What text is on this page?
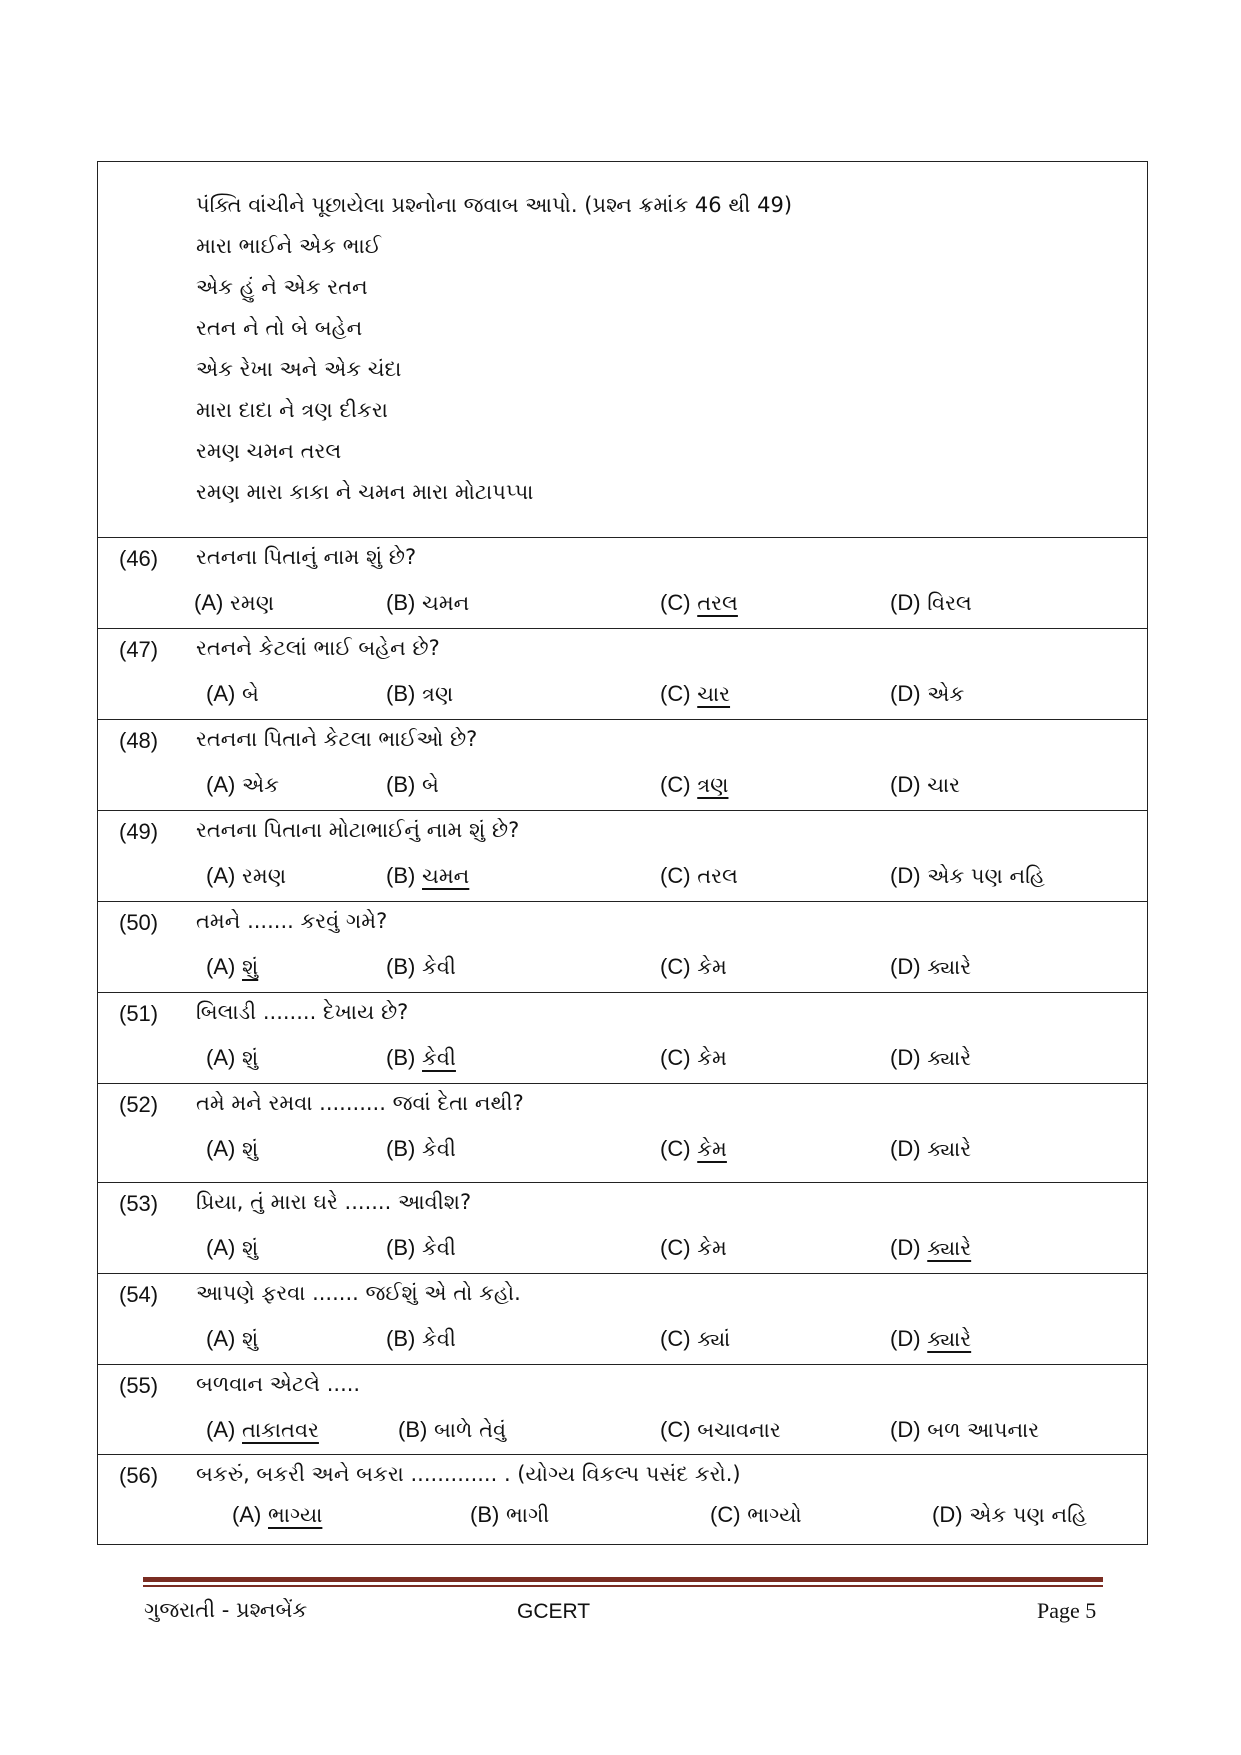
પંક્તિ વાંચીને પૂછાયેલા પ્રશ્નોના જવાબ આપો. (પ્રશ્ન ક્રમાંક 46 થી 49)
મારા ભાઈને એક ભાઈ
એક હું ને એક રતન
રતન ને તો બે બહેન
એક રેખા અને એક ચંદા
મારા દાદા ને ત્રણ દીકરા
રમણ ચમન તરલ
રમણ મારા કાકા ને ચમન મારા મોટાપપ્પા
(46) રતનના પિતાનું નામ શું છે?
(A) રમણ	(B) ચમન	(C) તરલ	(D) વિરલ
(47) રતનને કેટલાં ભાઈ બહેન છે?
(A) બે	(B) ત્રણ	(C) ચાર	(D) એક
(48) રતનના પિતાને કેટલા ભાઈઓ છે?
(A) એક	(B) બે	(C) ત્રણ	(D) ચાર
(49) રતનના પિતાના મોટાભાઈનું નામ શું છે?
(A) રમણ	(B) ચમન	(C) તરલ	(D) એક પણ નહિ
(50) તમને ....... કરવું ગમે?
(A) શું	(B) કેવી	(C) કેમ	(D) ક્યારે
(51) બિલાડી ........ દેખાય છે?
(A) શું	(B) કેવી	(C) કેમ	(D) ક્યારે
(52) તમે મને રમવા .......... જવાં દેતા નથી?
(A) શું	(B) કેવી	(C) કેમ	(D) ક્યારે
(53) પ્રિયા, તું મારા ઘરે ....... આવીશ?
(A) શું	(B) કેવી	(C) કેમ	(D) ક્યારે
(54) આપણે ફરવા ....... જઈશું એ તો કહો.
(A) શું	(B) કેવી	(C) ક્યાં	(D) ક્યારે
(55) બળવાન એટલે .....
(A) તાકાતવર	(B) બાળે તેવું	(C) બચાવનાર	(D) બળ આપનાર
(56) બકરું, બકરી અને બકરા ............. . (યોગ્ય વિકલ્પ પસંદ કરો.)
(A) ભાગ્યા	(B) ભાગી	(C) ભાગ્યો	(D) એક પણ નહિ
ગુજરાતી - પ્રશ્નબેંક	GCERT	Page 5
